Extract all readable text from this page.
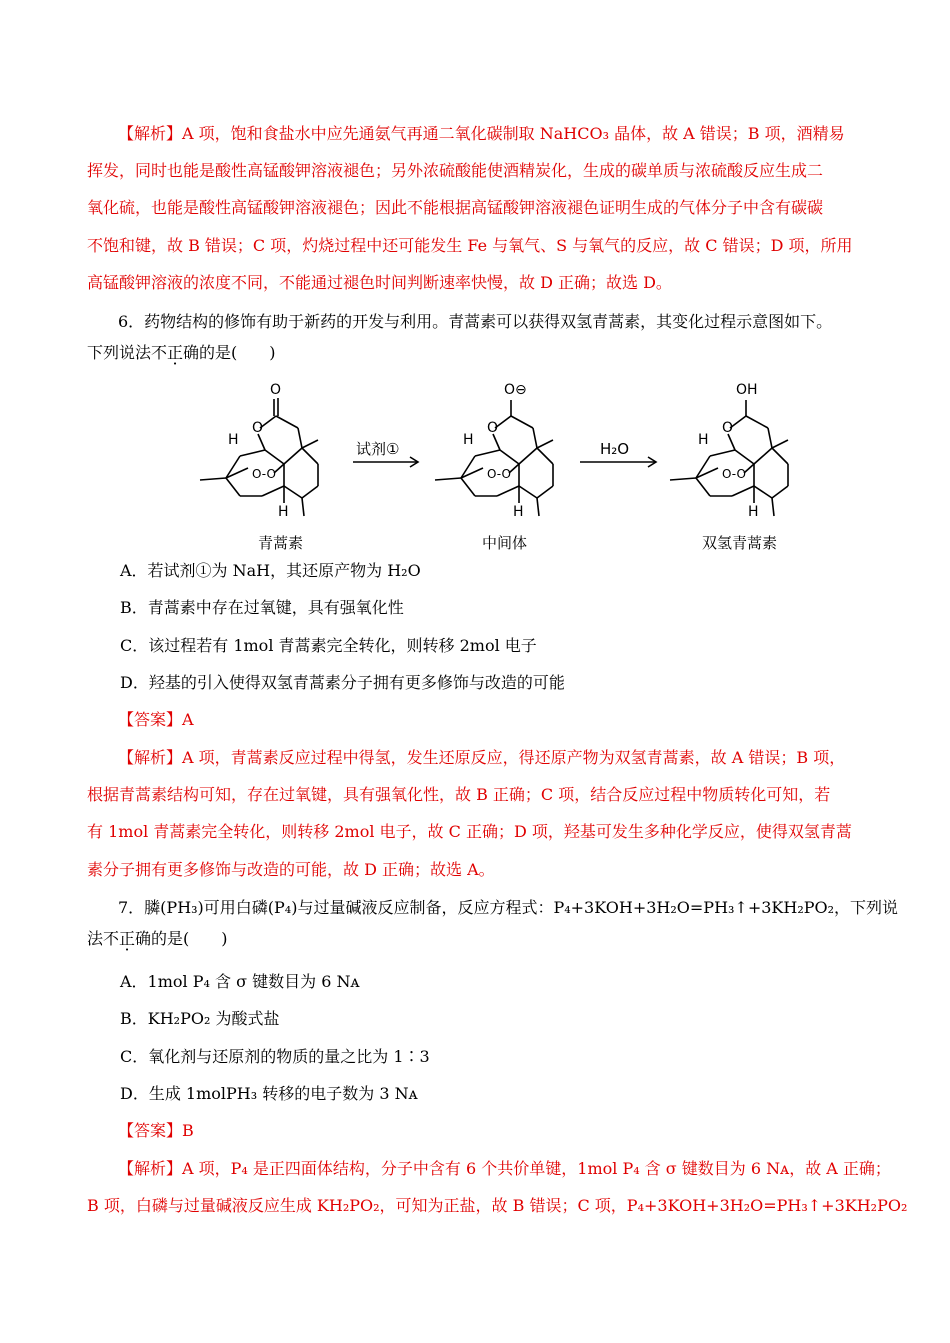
【解析】A 项，饱和食盐水中应先通氨气再通二氧化碳制取 NaHCO₃ 晶体，故 A 错误；B 项，酒精易
挥发，同时也能是酸性高锰酸钾溶液褪色；另外浓硫酸能使酒精炭化，生成的碳单质与浓硫酸反应生成二
氧化硫，也能是酸性高锰酸钾溶液褪色；因此不能根据高锰酸钾溶液褪色证明生成的气体分子中含有碳碳
不饱和键，故 B 错误；C 项，灼烧过程中还可能发生 Fe 与氧气、S 与氧气的反应，故 C 错误；D 项，所用
高锰酸钾溶液的浓度不同，不能通过褪色时间判断速率快慢，故 D 正确；故选 D。
6．药物结构的修饰有助于新药的开发与利用。青蒿素可以获得双氢青蒿素，其变化过程示意图如下。
下列说法不正确的是(　　)
O
O
H
O-O
H
O⊖
O
H
O-O
H
OH
O
H
O-O
H
试剂①	H₂O
青蒿素	中间体	双氢青蒿素
A．若试剂①为 NaH，其还原产物为 H₂O
B．青蒿素中存在过氧键，具有强氧化性
C．该过程若有 1mol 青蒿素完全转化，则转移 2mol 电子
D．羟基的引入使得双氢青蒿素分子拥有更多修饰与改造的可能
【答案】A
【解析】A 项，青蒿素反应过程中得氢，发生还原反应，得还原产物为双氢青蒿素，故 A 错误；B 项，
根据青蒿素结构可知，存在过氧键，具有强氧化性，故 B 正确；C 项，结合反应过程中物质转化可知，若
有 1mol 青蒿素完全转化，则转移 2mol 电子，故 C 正确；D 项，羟基可发生多种化学反应，使得双氢青蒿
素分子拥有更多修饰与改造的可能，故 D 正确；故选 A。
7．膦(PH₃)可用白磷(P₄)与过量碱液反应制备，反应方程式：P₄+3KOH+3H₂O=PH₃↑+3KH₂PO₂，下列说
法不正确的是(　　)
A．1mol P₄ 含 σ 键数目为 6 Nᴀ
B．KH₂PO₂ 为酸式盐
C．氧化剂与还原剂的物质的量之比为 1∶3
D．生成 1molPH₃ 转移的电子数为 3 Nᴀ
【答案】B
【解析】A 项，P₄ 是正四面体结构，分子中含有 6 个共价单键，1mol P₄ 含 σ 键数目为 6 Nᴀ，故 A 正确；
B 项，白磷与过量碱液反应生成 KH₂PO₂，可知为正盐，故 B 错误；C 项，P₄+3KOH+3H₂O=PH₃↑+3KH₂PO₂
